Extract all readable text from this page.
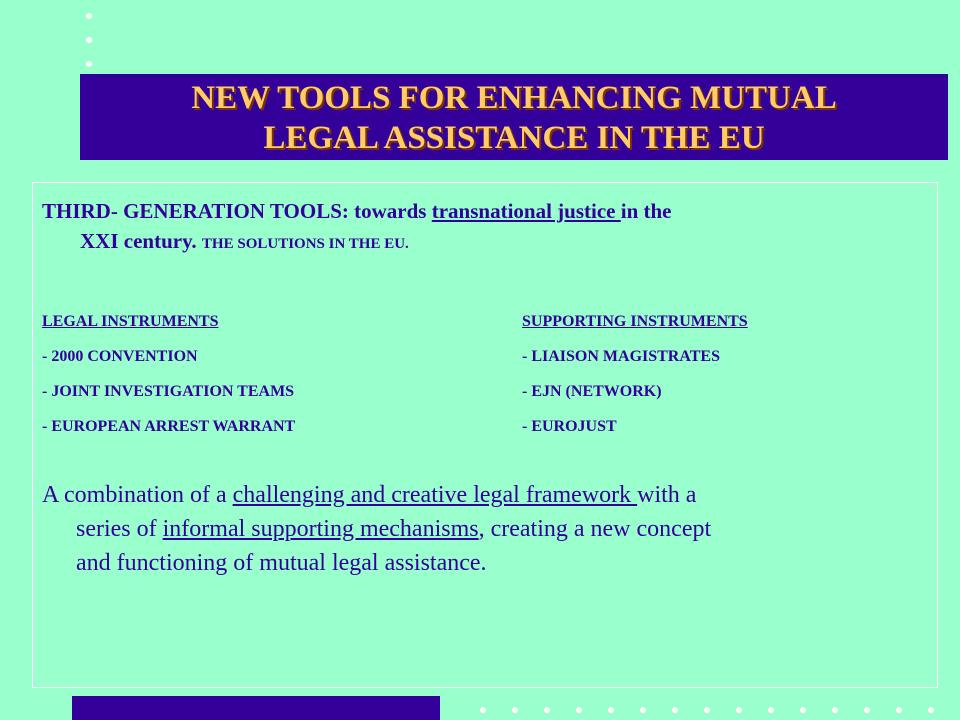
NEW TOOLS FOR ENHANCING MUTUAL
LEGAL ASSISTANCE IN THE EU
THIRD- GENERATION TOOLS: towards transnational justice in the
XXI century. THE SOLUTIONS IN THE EU.
LEGAL INSTRUMENTS
- 2000 CONVENTION
- JOINT INVESTIGATION TEAMS
- EUROPEAN ARREST WARRANT
SUPPORTING INSTRUMENTS
- LIAISON MAGISTRATES
- EJN (NETWORK)
- EUROJUST
A combination of a challenging and creative legal framework with a
series of informal supporting mechanisms, creating a new concept
and functioning of mutual legal assistance.
